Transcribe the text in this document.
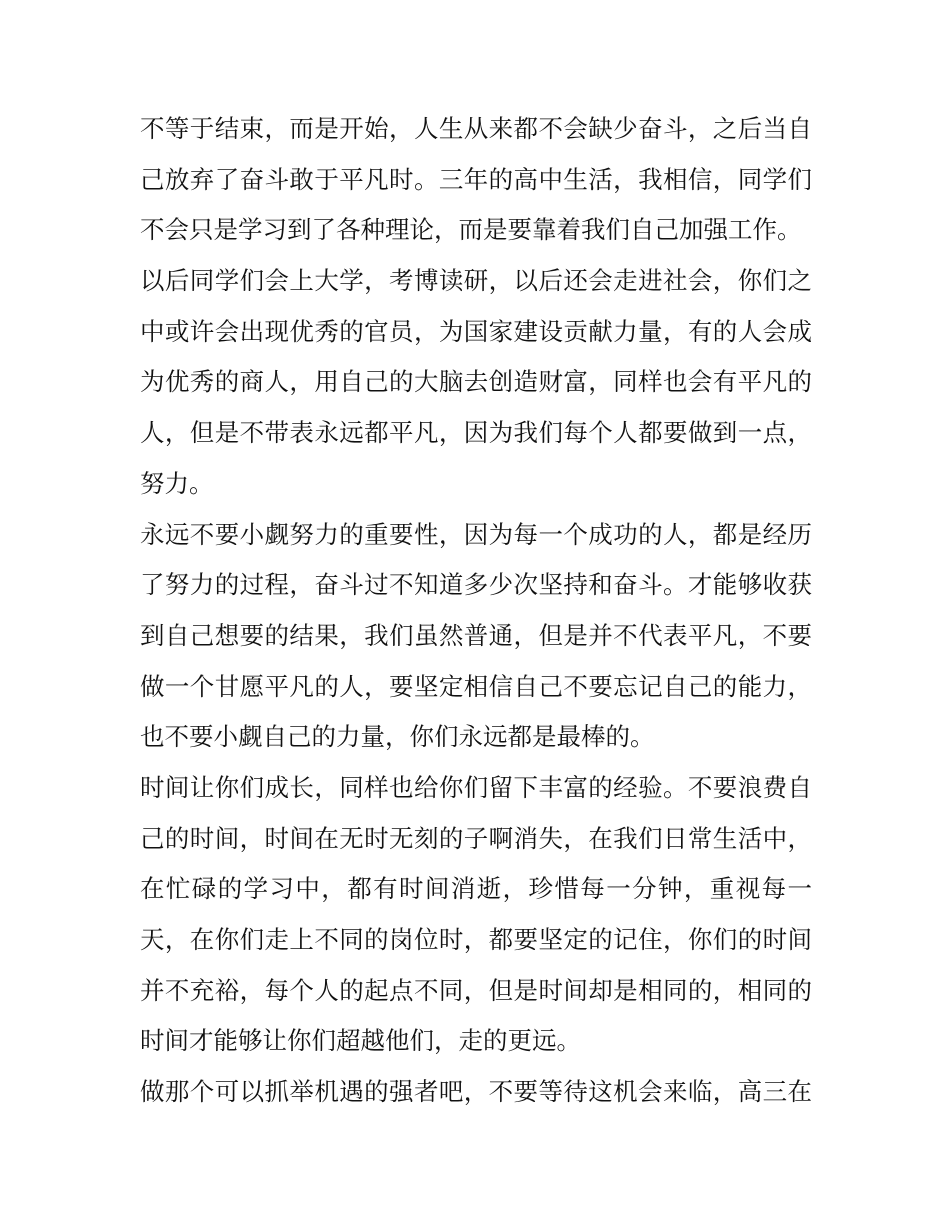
不等于结束，而是开始，人生从来都不会缺少奋斗，之后当自
己放弃了奋斗敢于平凡时。三年的高中生活，我相信，同学们
不会只是学习到了各种理论，而是要靠着我们自己加强工作。
以后同学们会上大学，考博读研，以后还会走进社会，你们之
中或许会出现优秀的官员，为国家建设贡献力量，有的人会成
为优秀的商人，用自己的大脑去创造财富，同样也会有平凡的
人，但是不带表永远都平凡，因为我们每个人都要做到一点，
努力。
永远不要小觑努力的重要性，因为每一个成功的人，都是经历
了努力的过程，奋斗过不知道多少次坚持和奋斗。才能够收获
到自己想要的结果，我们虽然普通，但是并不代表平凡，不要
做一个甘愿平凡的人，要坚定相信自己不要忘记自己的能力，
也不要小觑自己的力量，你们永远都是最棒的。
时间让你们成长，同样也给你们留下丰富的经验。不要浪费自
己的时间，时间在无时无刻的子啊消失，在我们日常生活中，
在忙碌的学习中，都有时间消逝，珍惜每一分钟，重视每一
天，在你们走上不同的岗位时，都要坚定的记住，你们的时间
并不充裕，每个人的起点不同，但是时间却是相同的，相同的
时间才能够让你们超越他们，走的更远。
做那个可以抓举机遇的强者吧，不要等待这机会来临，高三在
